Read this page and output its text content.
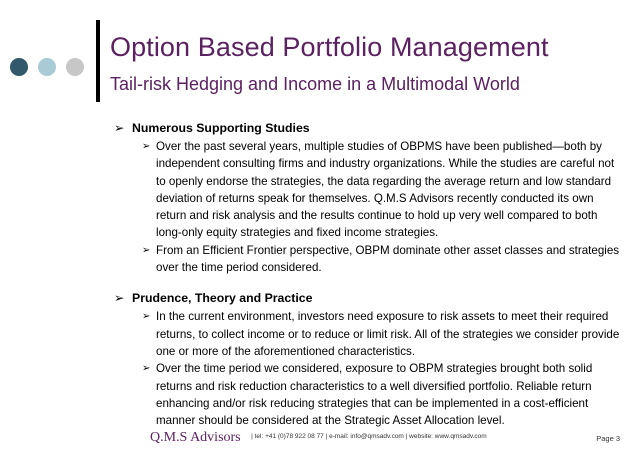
Option Based Portfolio Management
Tail-risk Hedging and Income in a Multimodal World
➢ Numerous Supporting Studies
➢ Over the past several years, multiple studies of OBPMS have been published—both by independent consulting firms and industry organizations. While the studies are careful not to openly endorse the strategies, the data regarding the average return and low standard deviation of returns speak for themselves. Q.M.S Advisors recently conducted its own return and risk analysis and the results continue to hold up very well compared to both long-only equity strategies and fixed income strategies.
➢ From an Efficient Frontier perspective, OBPM dominate other asset classes and strategies over the time period considered.
➢ Prudence, Theory and Practice
➢ In the current environment, investors need exposure to risk assets to meet their required returns, to collect income or to reduce or limit risk. All of the strategies we consider provide one or more of the aforementioned characteristics.
➢ Over the time period we considered, exposure to OBPM strategies brought both solid returns and risk reduction characteristics to a well diversified portfolio. Reliable return enhancing and/or risk reducing strategies that can be implemented in a cost-efficient manner should be considered at the Strategic Asset Allocation level.
Q.M.S Advisors | tel: +41 (0)78 922 08 77 | e-mail: info@qmsadv.com | website: www.qmsadv.com	Page 3
